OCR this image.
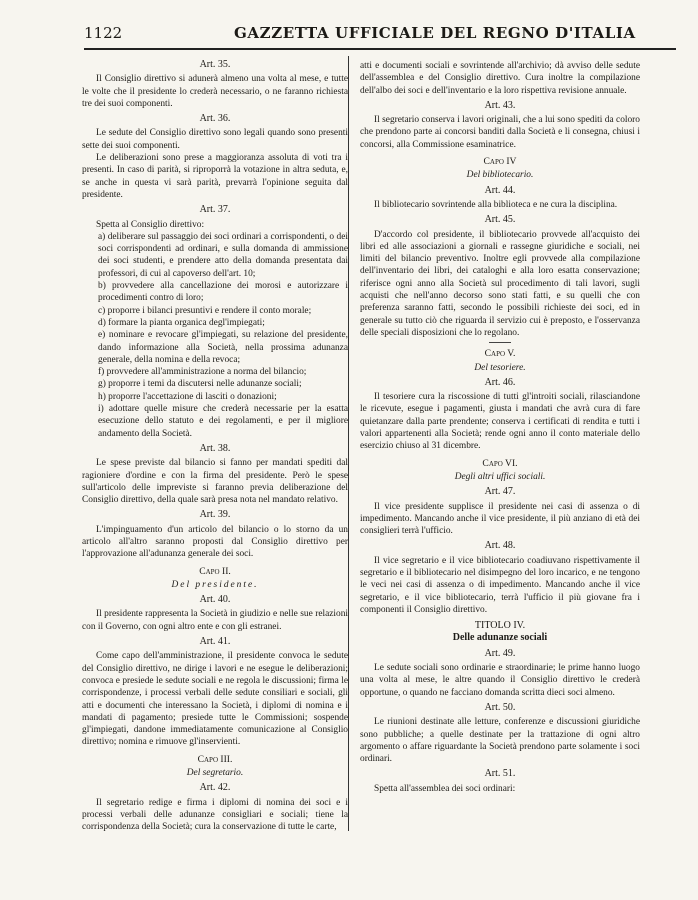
1122	GAZZETTA UFFICIALE DEL REGNO D'ITALIA
Art. 35.

Il Consiglio direttivo si adunerà almeno una volta al mese, e tutte le volte che il presidente lo crederà necessario, o ne faranno richiesta tre dei suoi componenti.

Art. 36.

Le sedute del Consiglio direttivo sono legali quando sono presenti sette dei suoi componenti.

Le deliberazioni sono prese a maggioranza assoluta di voti tra i presenti. In caso di parità, si riproporrà la votazione in altra seduta, e, se anche in questa vi sarà parità, prevarrà l'opinione seguita dal presidente.

Art. 37.

Spetta al Consiglio direttivo:

a) deliberare sul passaggio dei soci ordinari a corrispondenti, o dei soci corrispondenti ad ordinari, e sulla domanda di ammissione dei soci studenti, e prendere atto della domanda presentata dai professori, di cui al capoverso dell'art. 10;

b) provvedere alla cancellazione dei morosi e autorizzare i procedimenti contro di loro;

c) proporre i bilanci presuntivi e rendere il conto morale;

d) formare la pianta organica degl'impiegati;

e) nominare e revocare gl'impiegati, su relazione del presidente, dando informazione alla Società, nella prossima adunanza generale, della nomina e della revoca;

f) provvedere all'amministrazione a norma del bilancio;

g) proporre i temi da discutersi nelle adunanze sociali;

h) proporre l'accettazione di lasciti o donazioni;

i) adottare quelle misure che crederà necessarie per la esatta esecuzione dello statuto e dei regolamenti, e per il migliore andamento della Società.

Art. 38.

Le spese previste dal bilancio si fanno per mandati spediti dal ragioniere d'ordine e con la firma del presidente. Però le spese sull'articolo delle impreviste si faranno previa deliberazione del Consiglio direttivo, della quale sarà presa nota nel mandato relativo.

Art. 39.

L'impinguamento d'un articolo del bilancio o lo storno da un articolo all'altro saranno proposti dal Consiglio direttivo per l'approvazione all'adunanza generale dei soci.

Capo II.
Del presidente.
Art. 40.

Il presidente rappresenta la Società in giudizio e nelle sue relazioni con il Governo, con ogni altro ente e con gli estranei.

Art. 41.

Come capo dell'amministrazione, il presidente convoca le sedute del Consiglio direttivo, ne dirige i lavori e ne esegue le deliberazioni; convoca e presiede le sedute sociali e ne regola le discussioni; firma le corrispondenze, i processi verbali delle sedute consiliari e sociali, gli atti e documenti che interessano la Società, i diplomi di nomina e i mandati di pagamento; presiede tutte le Commissioni; sospende gl'impiegati, dandone immediatamente comunicazione al Consiglio direttivo; nomina e rimuove gl'inservienti.

Capo III.
Del segretario.
Art. 42.

Il segretario redige e firma i diplomi di nomina dei soci e i processi verbali delle adunanze consigliari e sociali; tiene la corrispondenza della Società; cura la conservazione di tutte le carte,

atti e documenti sociali e sovrintende all'archivio; dà avviso delle sedute dell'assemblea e del Consiglio direttivo. Cura inoltre la compilazione dell'albo dei soci e dell'inventario e la loro rispettiva revisione annuale.

Art. 43.

Il segretario conserva i lavori originali, che a lui sono spediti da coloro che prendono parte ai concorsi banditi dalla Società e li consegna, chiusi i concorsi, alla Commissione esaminatrice.

Capo IV
Del bibliotecario.
Art. 44.

Il bibliotecario sovrintende alla biblioteca e ne cura la disciplina.

Art. 45.

D'accordo col presidente, il bibliotecario provvede all'acquisto dei libri ed alle associazioni a giornali e rassegne giuridiche e sociali, nei limiti del bilancio preventivo. Inoltre egli provvede alla compilazione dell'inventario dei libri, dei cataloghi e alla loro esatta conservazione; riferisce ogni anno alla Società sul procedimento di tali lavori, sugli acquisti che nell'anno decorso sono stati fatti, e su quelli che con preferenza saranno fatti, secondo le possibili richieste dei soci, ed in generale su tutto ciò che riguarda il servizio cui è preposto, e l'osservanza delle speciali disposizioni che lo regolano.

Capo V.
Del tesoriere.
Art. 46.

Il tesoriere cura la riscossione di tutti gl'introiti sociali, rilasciandone le ricevute, esegue i pagamenti, giusta i mandati che avrà cura di fare quietanzare dalla parte prendente; conserva i certificati di rendita e tutti i valori appartenenti alla Società; rende ogni anno il conto materiale dello esercizio chiuso al 31 dicembre.

Capo VI.
Degli altri uffici sociali.
Art. 47.

Il vice presidente supplisce il presidente nei casi di assenza o di impedimento. Mancando anche il vice presidente, il più anziano di età dei consiglieri terrà l'ufficio.

Art. 48.

Il vice segretario e il vice bibliotecario coadiuvano rispettivamente il segretario e il bibliotecario nel disimpegno del loro incarico, e ne tengono le veci nei casi di assenza o di impedimento. Mancando anche il vice segretario, e il vice bibliotecario, terrà l'ufficio il più giovane fra i componenti il Consiglio direttivo.

TITOLO IV.
Delle adunanze sociali
Art. 49.

Le sedute sociali sono ordinarie e straordinarie; le prime hanno luogo una volta al mese, le altre quando il Consiglio direttivo le crederà opportune, o quando ne facciano domanda scritta dieci soci almeno.

Art. 50.

Le riunioni destinate alle letture, conferenze e discussioni giuridiche sono pubbliche; a quelle destinate per la trattazione di ogni altro argomento o affare riguardante la Società prendono parte solamente i soci ordinari.

Art. 51.

Spetta all'assemblea dei soci ordinari:
